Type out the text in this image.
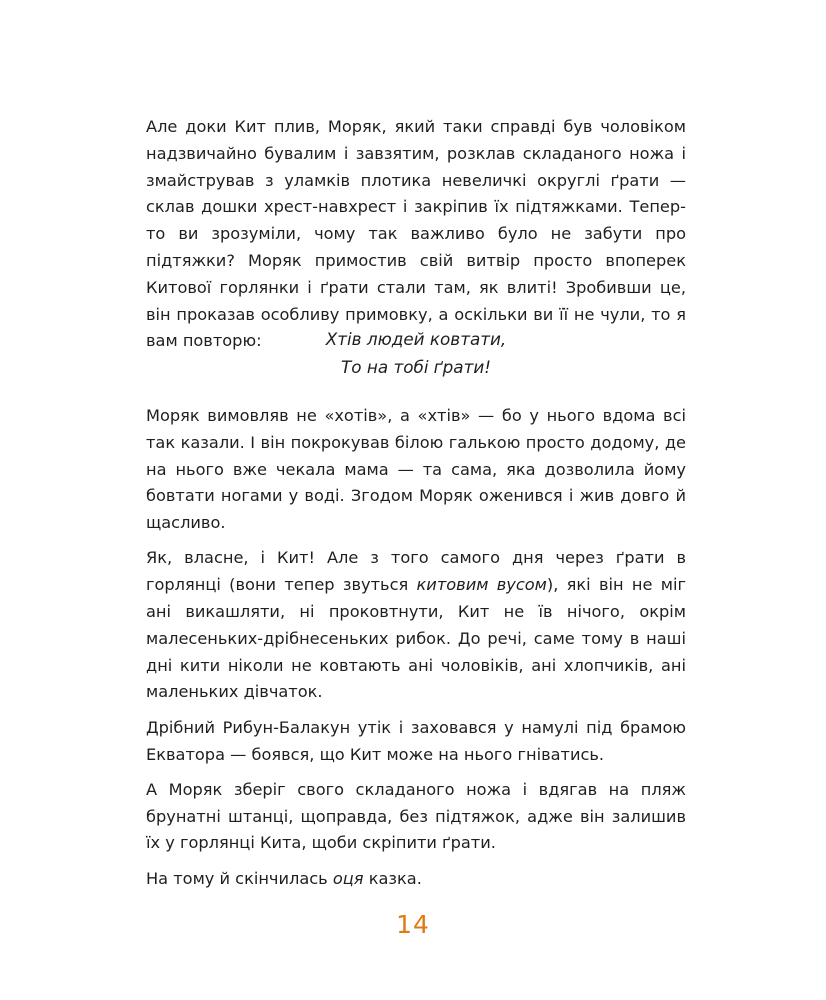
Але доки Кит плив, Моряк, який таки справді був чоловіком надзвичайно бувалим і завзятим, розклав складаного ножа і змайстрував з уламків плотика невеличкі округлі ґрати — склав дошки хрест-навхрест і закріпив їх підтяжками. Тепер-то ви зрозуміли, чому так важливо було не забути про підтяжки? Моряк примостив свій витвір просто впоперек Китової горлянки і ґрати стали там, як влиті! Зробивши це, він проказав особливу примовку, а оскільки ви її не чули, то я вам повторю:	Хтів людей ковтати,
То на тобі ґрати!

Моряк вимовляв не «хотів», а «хтів» — бо у нього вдома всі так казали. І він покрокував білою галькою просто додому, де на нього вже чекала мама — та сама, яка дозволила йому бовтати ногами у воді. Згодом Моряк оженився і жив довго й щасливо.

Як, власне, і Кит! Але з того самого дня через ґрати в горлянці (вони тепер звуться китовим вусом), які він не міг ані викашляти, ні проковтнути, Кит не їв нічого, окрім малесеньких-дрібнесеньких рибок. До речі, саме тому в наші дні кити ніколи не ковтають ані чоловіків, ані хлопчиків, ані маленьких дівчаток.

Дрібний Рибун-Балакун утік і заховався у намулі під брамою Екватора — боявся, що Кит може на нього гніватись.

А Моряк зберіг свого складаного ножа і вдягав на пляж брунатні штанці, щоправда, без підтяжок, адже він залишив їх у горлянці Кита, щоби скріпити ґрати.

На тому й скінчилась оця казка.

14
